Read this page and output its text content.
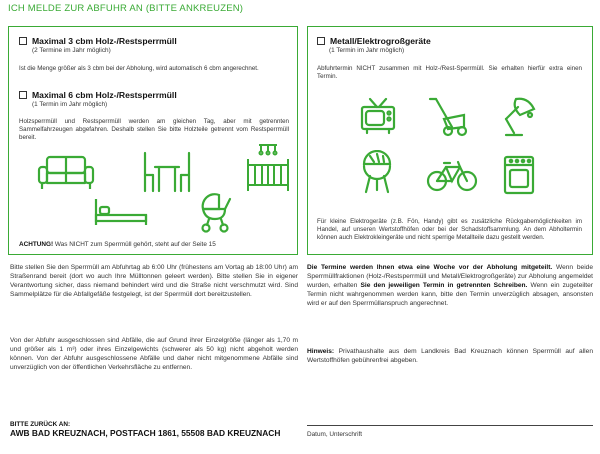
ICH MELDE ZUR ABFUHR AN (BITTE ANKREUZEN)
Maximal 3 cbm Holz-/Restsperrmüll
(2 Termine im Jahr möglich)
Ist die Menge größer als 3 cbm bei der Abholung, wird automatisch 6 cbm angerechnet.
Maximal 6 cbm Holz-/Restsperrmüll
(1 Termin im Jahr möglich)
Holzsperrmüll und Restsperrmüll werden am gleichen Tag, aber mit getrennten Sammelfahrzeugen abgefahren. Deshalb stellen Sie bitte Holzteile getrennt vom Restsperrmüll bereit.
ACHTUNG! Was NICHT zum Sperrmüll gehört, steht auf der Seite 15
Metall/Elektrogroßgeräte
(1 Termin im Jahr möglich)
Abfuhrtermin NICHT zusammen mit Holz-/Rest-Sperrmüll. Sie erhalten hierfür extra einen Termin.
Für kleine Elektrogeräte (z.B. Fön, Handy) gibt es zusätzliche Rückgabemöglichkeiten im Handel, auf unseren Wertstoffhöfen oder bei der Schadstoffsammlung. An dem Abholtermin können auch Elektrokleingeräte und nicht sperrige Metallteile dazu gestellt werden.
Bitte stellen Sie den Sperrmüll am Abfuhrtag ab 6:00 Uhr (frühestens am Vortag ab 18:00 Uhr) am Straßenrand bereit (dort wo auch Ihre Mülltonnen geleert werden). Bitte stellen Sie in eigener Verantwortung sicher, dass niemand behindert wird und die Straße nicht verschmutzt wird. Sind Sammelplätze für die Abfallgefäße festgelegt, ist der Sperrmüll dort bereitzustellen.
Von der Abfuhr ausgeschlossen sind Abfälle, die auf Grund ihrer Einzelgröße (länger als 1,70 m und größer als 1 m³) oder ihres Einzelgewichts (schwerer als 50 kg) nicht abgeholt werden können. Von der Abfuhr ausgeschlossene Abfälle und daher nicht mitgenommene Abfälle sind unverzüglich von der öffentlichen Verkehrsfläche zu entfernen.
Die Termine werden Ihnen etwa eine Woche vor der Abholung mitgeteilt. Wenn beide Sperrmüllfraktionen (Holz-/Restsperrmüll und Metall/Elektrogroßgeräte) zur Abholung angemeldet wurden, erhalten Sie den jeweiligen Termin in getrennten Schreiben. Wenn ein zugeteilter Termin nicht wahrgenommen werden kann, bitte den Termin unverzüglich absagen, ansonsten wird er auf den Sperrmüllanspruch angerechnet.
Hinweis: Privathaushalte aus dem Landkreis Bad Kreuznach können Sperrmüll auf allen Wertstoffhöfen gebührenfrei abgeben.
BITTE ZURÜCK AN:
AWB BAD KREUZNACH, POSTFACH 1861, 55508 BAD KREUZNACH	Datum, Unterschrift
